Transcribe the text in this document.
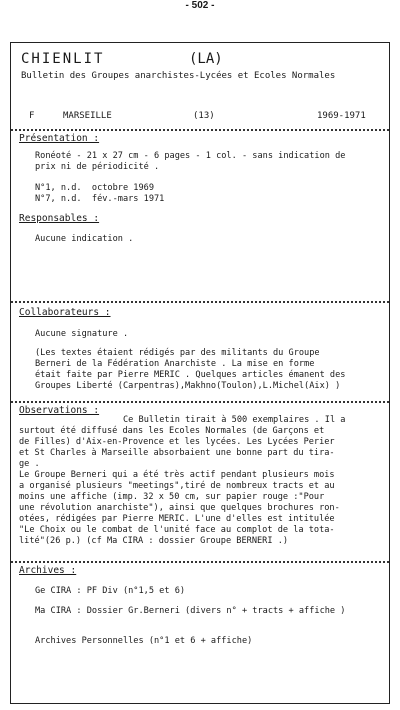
- 502 -
CHIENLIT	(LA)
Bulletin des Groupes anarchistes-Lycées et Ecoles Normales
F	MARSEILLE	(13)	1969-1971
Présentation :
Ronéoté - 21 x 27 cm - 6 pages - 1 col. - sans indication de
prix ni de périodicité .
N°1, n.d.  octobre 1969
N°7, n.d.  fév.-mars 1971
Responsables :
Aucune indication .
Collaborateurs :
Aucune signature .
(Les textes étaient rédigés par des militants du Groupe
Berneri de la Fédération Anarchiste . La mise en forme
était faite par Pierre MERIC . Quelques articles émanent des
Groupes Liberté (Carpentras),Makhno(Toulon),L.Michel(Aix) )
Observations :
Ce Bulletin tirait à 500 exemplaires . Il a
surtout été diffusé dans les Ecoles Normales (de Garçons et
de Filles) d'Aix-en-Provence et les lycées. Les Lycées Perier
et St Charles à Marseille absorbaient une bonne part du tira-
ge .
Le Groupe Berneri qui a été très actif pendant plusieurs mois
a organisé plusieurs "meetings",tiré de nombreux tracts et au
moins une affiche (imp. 32 x 50 cm, sur papier rouge :"Pour
une révolution anarchiste"), ainsi que quelques brochures ron-
otées, rédigées par Pierre MERIC. L'une d'elles est intitulée
"Le Choix ou le combat de l'unité face au complot de la tota-
lité"(26 p.) (cf Ma CIRA : dossier Groupe BERNERI .)
Archives :
Ge CIRA : PF Div (n°1,5 et 6)
Ma CIRA : Dossier Gr.Berneri (divers n° + tracts + affiche )
Archives Personnelles (n°1 et 6 + affiche)
